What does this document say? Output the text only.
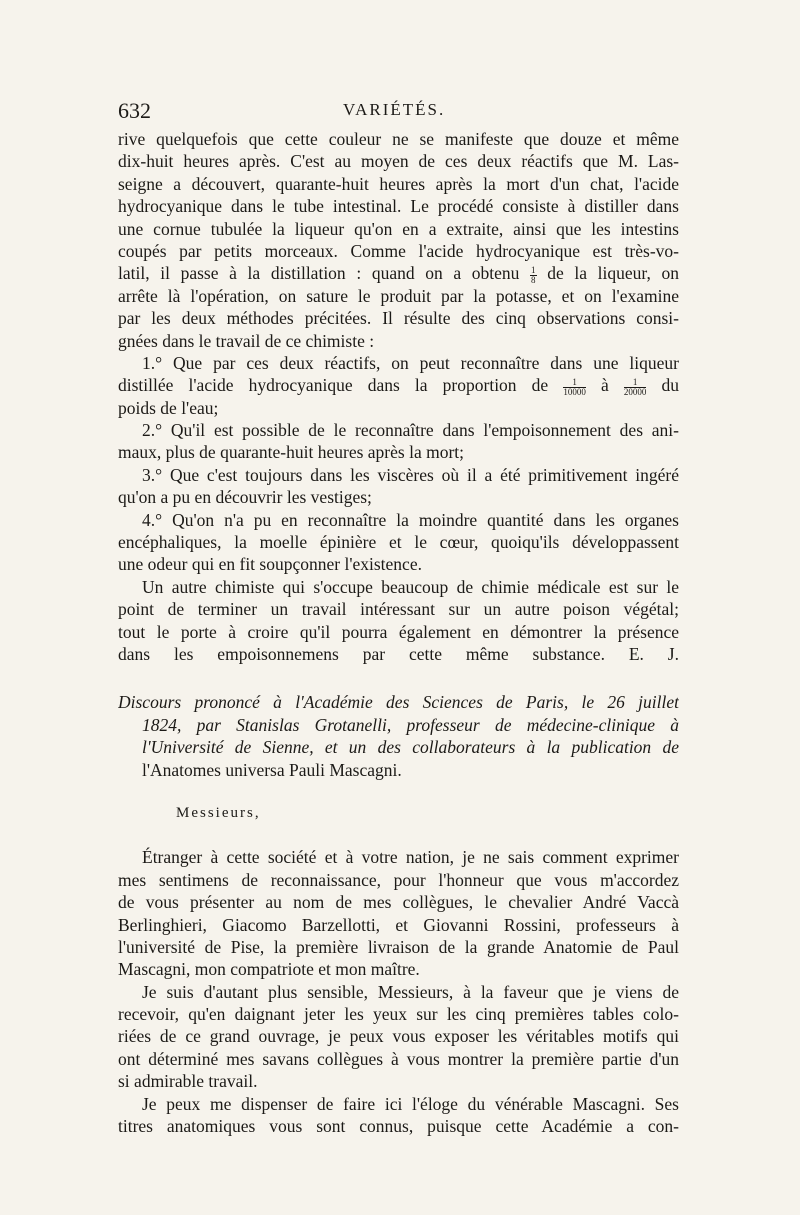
632	VARIÉTÉS.
rive quelquefois que cette couleur ne se manifeste que douze et même
dix-huit heures après. C'est au moyen de ces deux réactifs que M. Las-
seigne a découvert, quarante-huit heures après la mort d'un chat, l'acide
hydrocyanique dans le tube intestinal. Le procédé consiste à distiller dans
une cornue tubulée la liqueur qu'on en a extraite, ainsi que les intestins
coupés par petits morceaux. Comme l'acide hydrocyanique est très-vo-
latil, il passe à la distillation : quand on a obtenu $\frac{1}{8}$ de la liqueur, on
arrête là l'opération, on sature le produit par la potasse, et on l'examine
par les deux méthodes précitées. Il résulte des cinq observations consi-
gnées dans le travail de ce chimiste :
1.° Que par ces deux réactifs, on peut reconnaître dans une liqueur
distillée l'acide hydrocyanique dans la proportion de $\frac{1}{10000}$ à $\frac{1}{20000}$ du
poids de l'eau;
2.° Qu'il est possible de le reconnaître dans l'empoisonnement des ani-
maux, plus de quarante-huit heures après la mort;
3.° Que c'est toujours dans les viscères où il a été primitivement ingéré
qu'on a pu en découvrir les vestiges;
4.° Qu'on n'a pu en reconnaître la moindre quantité dans les organes
encéphaliques, la moelle épinière et le cœur, quoiqu'ils développassent
une odeur qui en fit soupçonner l'existence.
Un autre chimiste qui s'occupe beaucoup de chimie médicale est sur le
point de terminer un travail intéressant sur un autre poison végétal;
tout le porte à croire qu'il pourra également en démontrer la présence
dans les empoisonnemens par cette même substance. E. J.
Discours prononcé à l'Académie des Sciences de Paris, le 26 juillet
1824, par Stanislas Grotanelli, professeur de médecine-clinique à
l'Université de Sienne, et un des collaborateurs à la publication de
l'Anatomes universa Pauli Mascagni.
Messieurs,
Étranger à cette société et à votre nation, je ne sais comment exprimer
mes sentimens de reconnaissance, pour l'honneur que vous m'accordez
de vous présenter au nom de mes collègues, le chevalier André Vaccà
Berlinghieri, Giacomo Barzellotti, et Giovanni Rossini, professeurs à
l'université de Pise, la première livraison de la grande Anatomie de Paul
Mascagni, mon compatriote et mon maître.
Je suis d'autant plus sensible, Messieurs, à la faveur que je viens de
recevoir, qu'en daignant jeter les yeux sur les cinq premières tables colo-
riées de ce grand ouvrage, je peux vous exposer les véritables motifs qui
ont déterminé mes savans collègues à vous montrer la première partie d'un
si admirable travail.
Je peux me dispenser de faire ici l'éloge du vénérable Mascagni. Ses
titres anatomiques vous sont connus, puisque cette Académie a con-
